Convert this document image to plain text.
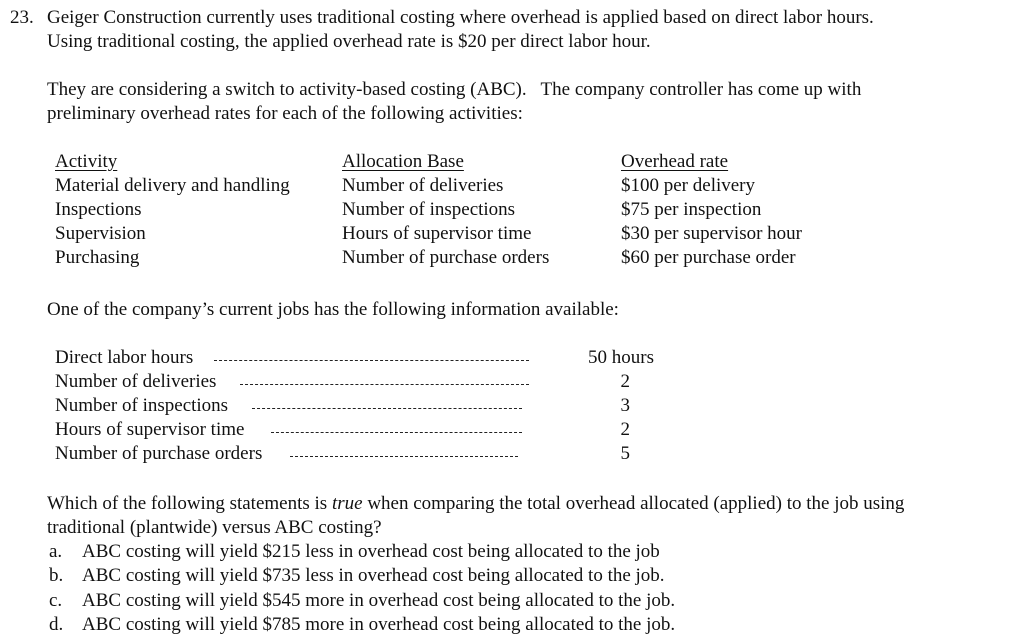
23. Geiger Construction currently uses traditional costing where overhead is applied based on direct labor hours.
Using traditional costing, the applied overhead rate is $20 per direct labor hour.
They are considering a switch to activity-based costing (ABC).   The company controller has come up with
preliminary overhead rates for each of the following activities:
Activity	Allocation Base	Overhead rate
Material delivery and handling	Number of deliveries	$100 per delivery
Inspections	Number of inspections	$75 per inspection
Supervision	Hours of supervisor time	$30 per supervisor hour
Purchasing	Number of purchase orders	$60 per purchase order
One of the company’s current jobs has the following information available:
Direct labor hours	50 hours
Number of deliveries	2
Number of inspections	3
Hours of supervisor time	2
Number of purchase orders	5
Which of the following statements is true when comparing the total overhead allocated (applied) to the job using
traditional (plantwide) versus ABC costing?
a. ABC costing will yield $215 less in overhead cost being allocated to the job
b. ABC costing will yield $735 less in overhead cost being allocated to the job.
c. ABC costing will yield $545 more in overhead cost being allocated to the job.
d. ABC costing will yield $785 more in overhead cost being allocated to the job.
